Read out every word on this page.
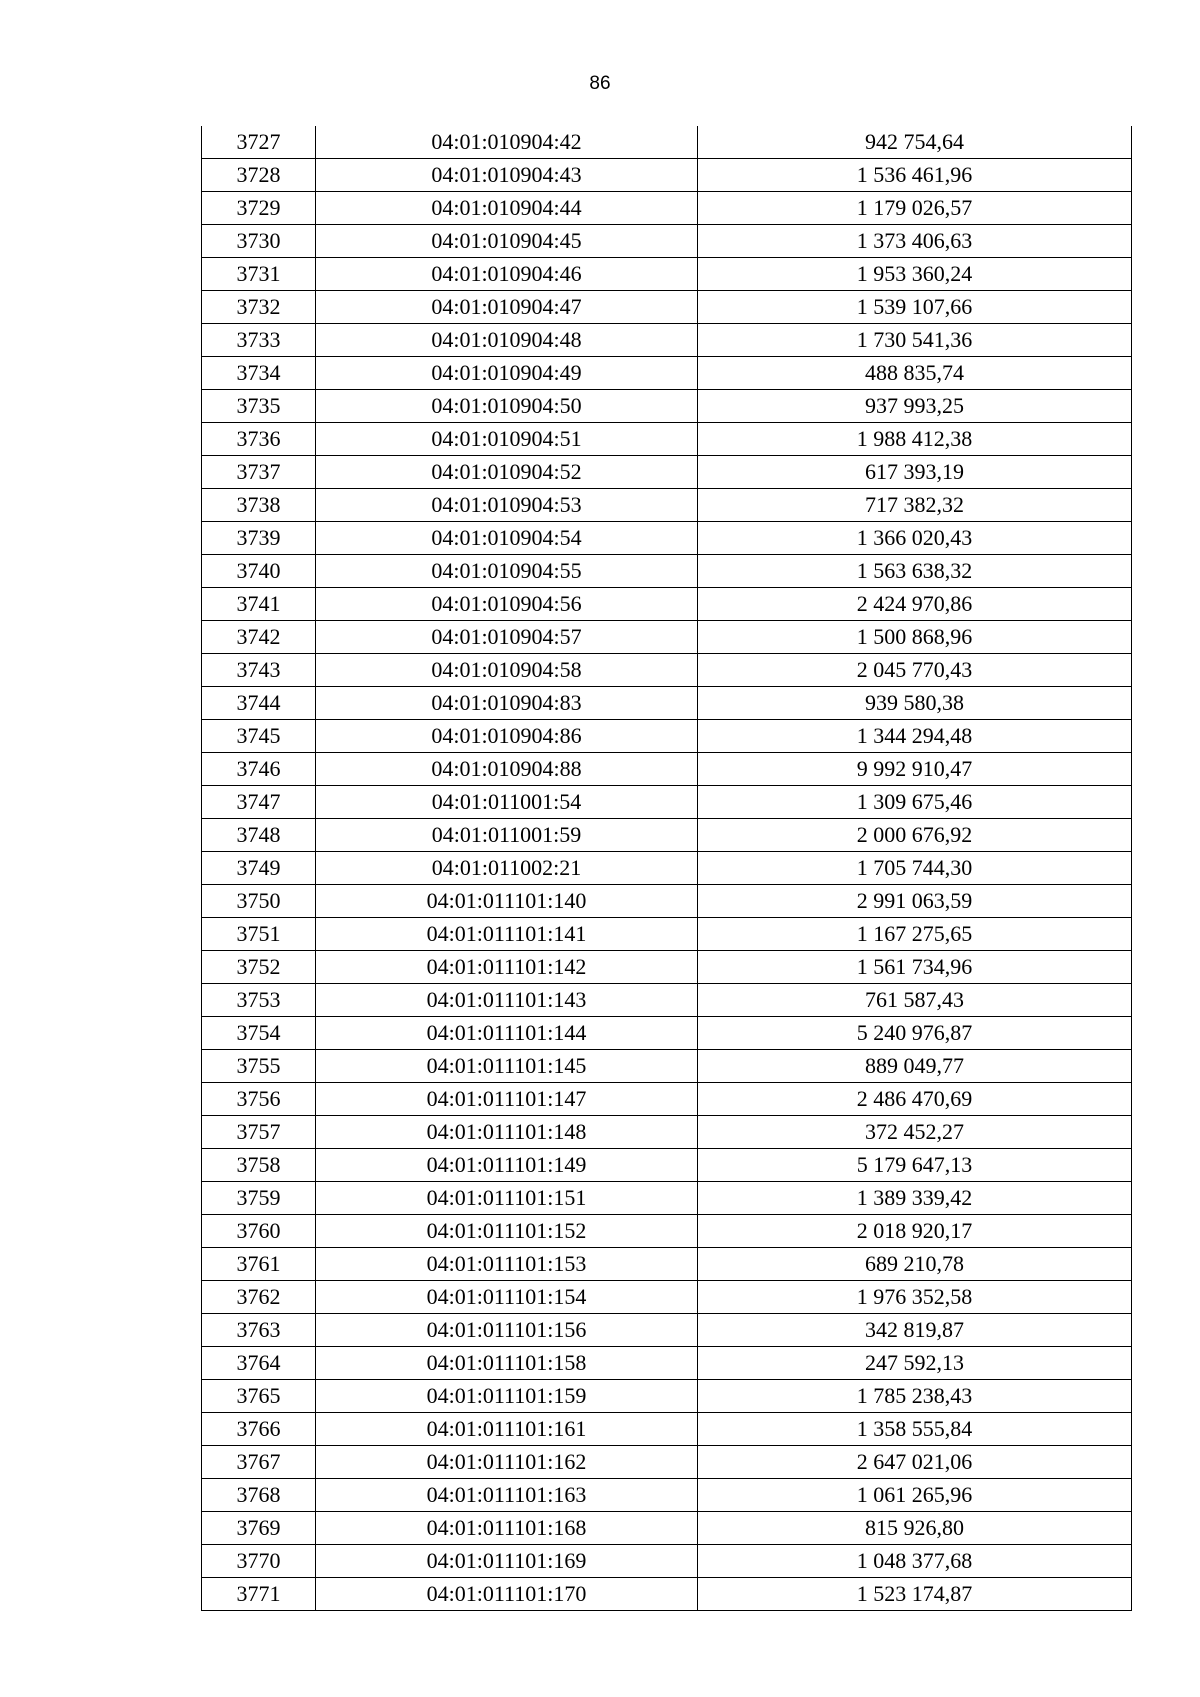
86
3727	04:01:010904:42	942 754,64
3728	04:01:010904:43	1 536 461,96
3729	04:01:010904:44	1 179 026,57
3730	04:01:010904:45	1 373 406,63
3731	04:01:010904:46	1 953 360,24
3732	04:01:010904:47	1 539 107,66
3733	04:01:010904:48	1 730 541,36
3734	04:01:010904:49	488 835,74
3735	04:01:010904:50	937 993,25
3736	04:01:010904:51	1 988 412,38
3737	04:01:010904:52	617 393,19
3738	04:01:010904:53	717 382,32
3739	04:01:010904:54	1 366 020,43
3740	04:01:010904:55	1 563 638,32
3741	04:01:010904:56	2 424 970,86
3742	04:01:010904:57	1 500 868,96
3743	04:01:010904:58	2 045 770,43
3744	04:01:010904:83	939 580,38
3745	04:01:010904:86	1 344 294,48
3746	04:01:010904:88	9 992 910,47
3747	04:01:011001:54	1 309 675,46
3748	04:01:011001:59	2 000 676,92
3749	04:01:011002:21	1 705 744,30
3750	04:01:011101:140	2 991 063,59
3751	04:01:011101:141	1 167 275,65
3752	04:01:011101:142	1 561 734,96
3753	04:01:011101:143	761 587,43
3754	04:01:011101:144	5 240 976,87
3755	04:01:011101:145	889 049,77
3756	04:01:011101:147	2 486 470,69
3757	04:01:011101:148	372 452,27
3758	04:01:011101:149	5 179 647,13
3759	04:01:011101:151	1 389 339,42
3760	04:01:011101:152	2 018 920,17
3761	04:01:011101:153	689 210,78
3762	04:01:011101:154	1 976 352,58
3763	04:01:011101:156	342 819,87
3764	04:01:011101:158	247 592,13
3765	04:01:011101:159	1 785 238,43
3766	04:01:011101:161	1 358 555,84
3767	04:01:011101:162	2 647 021,06
3768	04:01:011101:163	1 061 265,96
3769	04:01:011101:168	815 926,80
3770	04:01:011101:169	1 048 377,68
3771	04:01:011101:170	1 523 174,87
